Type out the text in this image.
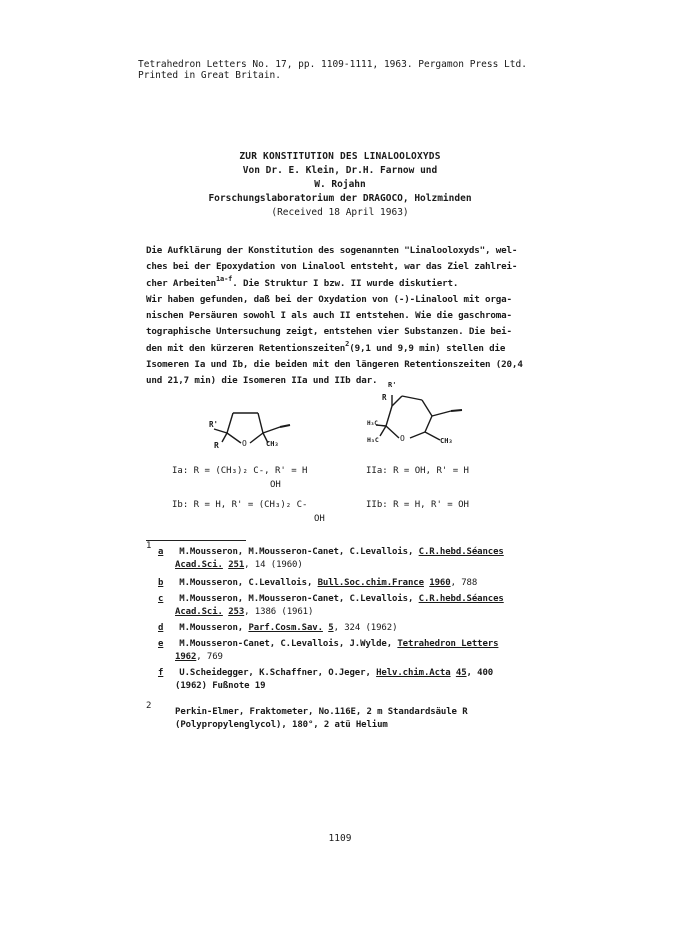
Tetrahedron Letters No. 17, pp. 1109-1111, 1963. Pergamon Press Ltd.
Printed in Great Britain.
ZUR KONSTITUTION DES LINALOOLOXYDS
Von Dr. E. Klein, Dr.H. Farnow und
W. Rojahn
Forschungslaboratorium der DRAGOCO, Holzminden
(Received 18 April 1963)
Die Aufklärung der Konstitution des sogenannten "Linalooloxyds", wel-
ches bei der Epoxydation von Linalool entsteht, war das Ziel zahlrei-
cher Arbeiten$^{1a-f}$. Die Struktur I bzw. II wurde diskutiert.
Wir haben gefunden, daß bei der Oxydation von (-)-Linalool mit orga-
nischen Persäuren sowohl I als auch II entstehen. Wie die gaschroma-
tographische Untersuchung zeigt, entstehen vier Substanzen. Die bei-
den mit den kürzeren Retentionszeiten$^2$(9,1 und 9,9 min) stellen die
Isomeren Ia und Ib, die beiden mit den längeren Retentionszeiten (20,4
und 21,7 min) die Isomeren IIa und IIb dar.
R'
R	O	CH₃
R'
R
H₃C
H₃C	O	CH₃
Ia: R = (CH₃)₂ C-, R' = H
OH
Ib: R = H, R' = (CH₃)₂ C-
OH
IIa: R = OH, R' = H
IIb: R = H, R' = OH
1
a M.Mousseron, M.Mousseron-Canet, C.Levallois, C.R.hebd.Séances
Acad.Sci. 251, 14 (1960)
b M.Mousseron, C.Levallois, Bull.Soc.chim.France 1960, 788
c M.Mousseron, M.Mousseron-Canet, C.Levallois, C.R.hebd.Séances
Acad.Sci. 253, 1386 (1961)
d M.Mousseron, Parf.Cosm.Sav. 5, 324 (1962)
e M.Mousseron-Canet, C.Levallois, J.Wylde, Tetrahedron Letters
1962, 769
f U.Scheidegger, K.Schaffner, O.Jeger, Helv.chim.Acta 45, 400
(1962) Fußnote 19
2
Perkin-Elmer, Fraktometer, No.116E, 2 m Standardsäule R
(Polypropylenglycol), 180°, 2 atü Helium
1109
